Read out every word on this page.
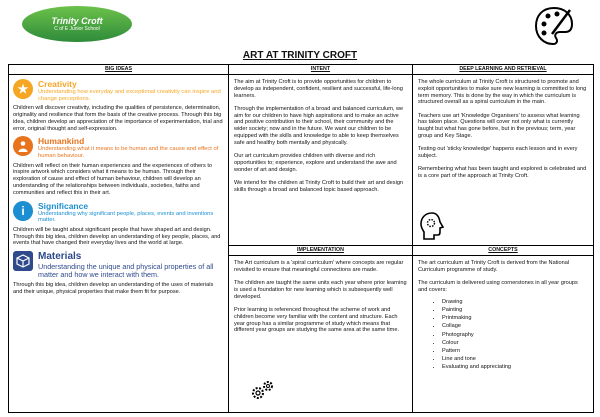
Trinity Croft
C of E Junior School
ART AT TRINITY CROFT
BIG IDEAS
★	Creativity
Understanding how everyday and exceptional creativity can inspire and change perceptions.

Children will discover creativity, including the qualities of persistence, determination, originality and resilience that form the basis of the creative process. Through this big idea, children develop an appreciation of the importance of experimentation, trial and error, original thought and self-expression.

Humankind
Understanding what it means to be human and the cause and effect of human behaviour.

Children will reflect on their human experiences and the experiences of others to inspire artwork which considers what it means to be human. Through their exploration of cause and effect of human behaviour, children will develop an understanding of the relationships between individuals, societies, faiths and communities and reflect this in their art.

i	Significance
Understanding why significant people, places, events and inventions matter.

Children will be taught about significant people that have shaped art and design. Through this big idea, children develop an understanding of key people, places, and events that have changed their everyday lives and the world at large.

Materials
Understanding the unique and physical properties of all matter and how we interact with them.

Through this big idea, children develop an understanding of the uses of materials and their unique, physical properties that make them fit for purpose.

INTENT

The aim at Trinity Croft is to provide opportunities for children to develop as independent, confident, resilient and successful, life-long learners.

Through the implementation of a broad and balanced curriculum, we aim for our children to have high aspirations and to make an active and positive contribution to their school, their community and the wider society; now and in the future. We want our children to be equipped with the skills and knowledge to able to keep themselves safe and healthy both mentally and physically.

Our art curriculum provides children with diverse and rich opportunities to; experience, explore and understand the awe and wonder of art and design.

We intend for the children at Trinity Croft to build their art and design skills through a broad and balanced topic based approach.

IMPLEMENTATION

The Art curriculum is a 'spiral curriculum' where concepts are regular revisited to ensure that meaningful connections are made.

The children are taught the same units each year where prior learning is used a foundation for new learning which is subsequently well developed.

Prior learning is referenced throughout the scheme of work and children become very familiar with the content and structure. Each year group has a similar programme of study which means that different year groups are studying the same area at the same time.

DEEP LEARNING AND RETRIEVAL

The whole curriculum at Trinity Croft is structured to promote and exploit opportunities to make sure new learning is committed to long term memory. This is done by the way in which the curriculum is structured overall as a spiral curriculum in the main.

Teachers use art 'Knowledge Organisers' to assess what learning has taken place. Questions will cover not only what is currently taught but what has gone before, but in the previous; term, year group and Key Stage.

Testing out 'sticky knowledge' happens each lesson and in every subject.

Remembering what has been taught and explored is celebrated and is a core part of the approach at Trinity Croft.

CONCEPTS

The art curriculum at Trinity Croft is derived from the National Curriculum programme of study.

The curriculum is delivered using cornerstones in all year groups and covers:

• Drawing
• Painting
• Printmaking
• Collage
• Photography
• Colour
• Pattern
• Line and tone
• Evaluating and appreciating
